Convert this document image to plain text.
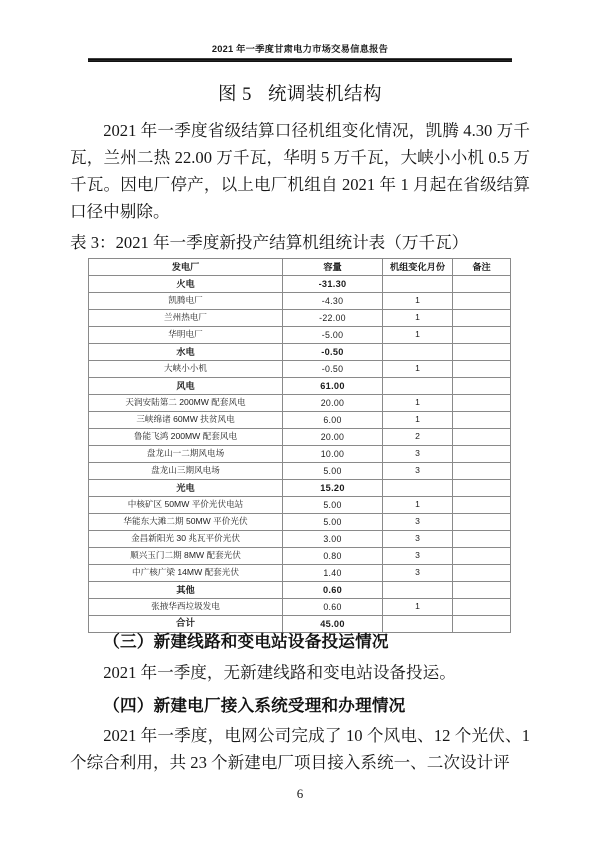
2021 年一季度甘肃电力市场交易信息报告
图 5 统调装机结构
2021 年一季度省级结算口径机组变化情况，凯腾 4.30 万千瓦，兰州二热 22.00 万千瓦，华明 5 万千瓦，大峡小小机 0.5 万千瓦。因电厂停产，以上电厂机组自 2021 年 1 月起在省级结算口径中剔除。
表 3：2021 年一季度新投产结算机组统计表（万千瓦）
发电厂	容量	机组变化月份	备注
火电	-31.30		
凯腾电厂	-4.30	1	
兰州热电厂	-22.00	1	
华明电厂	-5.00	1	
水电	-0.50		
大峡小小机	-0.50	1	
风电	61.00		
天润安陆第二 200MW 配套风电	20.00	1	
三峡绵诸 60MW 扶贫风电	6.00	1	
鲁能飞鸿 200MW 配套风电	20.00	2	
盘龙山一二期风电场	10.00	3	
盘龙山三期风电场	5.00	3	
光电	15.20		
中核矿区 50MW 平价光伏电站	5.00	1	
华能东大滩二期 50MW 平价光伏	5.00	3	
金昌新阳光 30 兆瓦平价光伏	3.00	3	
顺兴玉门二期 8MW 配套光伏	0.80	3	
中广核广梁 14MW 配套光伏	1.40	3	
其他	0.60		
张掖华西垃圾发电	0.60	1	
合计	45.00		
（三）新建线路和变电站设备投运情况
2021 年一季度，无新建线路和变电站设备投运。
（四）新建电厂接入系统受理和办理情况
2021 年一季度，电网公司完成了 10 个风电、12 个光伏、1 个综合利用，共 23 个新建电厂项目接入系统一、二次设计评
6
